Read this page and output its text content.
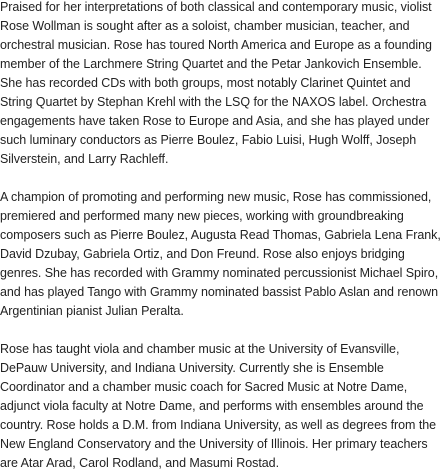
Praised for her interpretations of both classical and contemporary music, violist Rose Wollman is sought after as a soloist, chamber musician, teacher, and orchestral musician. Rose has toured North America and Europe as a founding member of the Larchmere String Quartet and the Petar Jankovich Ensemble. She has recorded CDs with both groups, most notably Clarinet Quintet and String Quartet by Stephan Krehl with the LSQ for the NAXOS label. Orchestra engagements have taken Rose to Europe and Asia, and she has played under such luminary conductors as Pierre Boulez, Fabio Luisi, Hugh Wolff, Joseph Silverstein, and Larry Rachleff.

A champion of promoting and performing new music, Rose has commissioned, premiered and performed many new pieces, working with groundbreaking composers such as Pierre Boulez, Augusta Read Thomas, Gabriela Lena Frank, David Dzubay, Gabriela Ortiz, and Don Freund. Rose also enjoys bridging genres. She has recorded with Grammy nominated percussionist Michael Spiro, and has played Tango with Grammy nominated bassist Pablo Aslan and renown Argentinian pianist Julian Peralta.

Rose has taught viola and chamber music at the University of Evansville, DePauw University, and Indiana University. Currently she is Ensemble Coordinator and a chamber music coach for Sacred Music at Notre Dame, adjunct viola faculty at Notre Dame, and performs with ensembles around the country. Rose holds a D.M. from Indiana University, as well as degrees from the New England Conservatory and the University of Illinois. Her primary teachers are Atar Arad, Carol Rodland, and Masumi Rostad.
